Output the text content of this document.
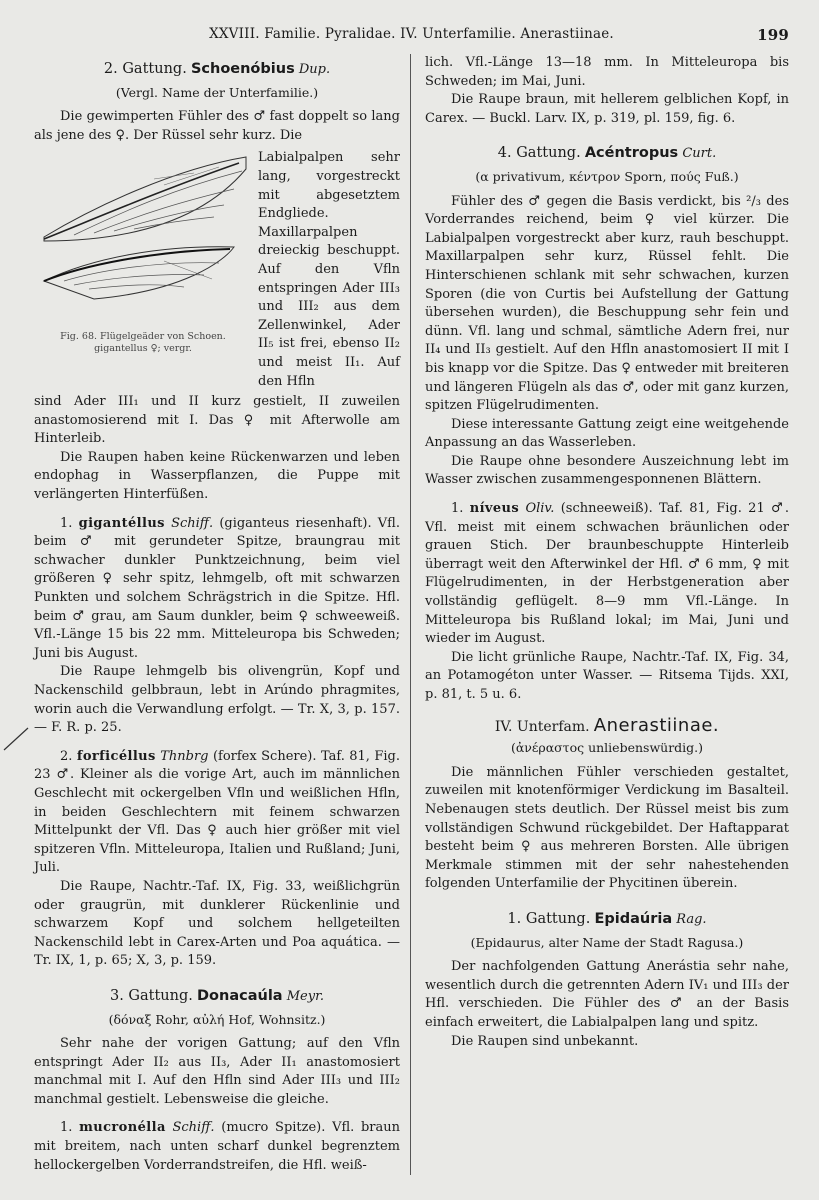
XXVIII. Familie. Pyralidae. IV. Unterfamilie. Anerastiinae.	199
2. Gattung. Schoenóbius Dup.
(Vergl. Name der Unterfamilie.)

Die gewimperten Fühler des ♂ fast doppelt so lang als jene des ♀. Der Rüssel sehr kurz. Die

Fig. 68. Flügelgeäder von Schoen.
gigantellus ♀; vergr.
Labialpalpen sehr lang, vorgestreckt mit abgesetztem Endgliede. Maxillarpalpen dreieckig beschuppt. Auf den Vfln entspringen Ader III₃ und III₂ aus dem Zellenwinkel, Ader II₅ ist frei, ebenso II₂ und meist II₁. Auf den Hfln

sind Ader III₁ und II kurz gestielt, II zuweilen anastomosierend mit I. Das ♀ mit Afterwolle am Hinterleib.

Die Raupen haben keine Rückenwarzen und leben endophag in Wasserpflanzen, die Puppe mit verlängerten Hinterfüßen.

1. gigantéllus Schiff. (giganteus riesenhaft). Vfl. beim ♂ mit gerundeter Spitze, braungrau mit schwacher dunkler Punktzeichnung, beim viel größeren ♀ sehr spitz, lehmgelb, oft mit schwarzen Punkten und solchem Schrägstrich in die Spitze. Hfl. beim ♂ grau, am Saum dunkler, beim ♀ schweeweiß. Vfl.-Länge 15 bis 22 mm. Mitteleuropa bis Schweden; Juni bis August.

Die Raupe lehmgelb bis olivengrün, Kopf und Nackenschild gelbbraun, lebt in Arúndo phragmites, worin auch die Verwandlung erfolgt. — Tr. X, 3, p. 157. — F. R. p. 25.

2. forficéllus Thnbrg (forfex Schere). Taf. 81, Fig. 23 ♂. Kleiner als die vorige Art, auch im männlichen Geschlecht mit ockergelben Vfln und weißlichen Hfln, in beiden Geschlechtern mit feinem schwarzen Mittelpunkt der Vfl. Das ♀ auch hier größer mit viel spitzeren Vfln. Mitteleuropa, Italien und Rußland; Juni, Juli.

Die Raupe, Nachtr.-Taf. IX, Fig. 33, weißlichgrün oder graugrün, mit dunklerer Rückenlinie und schwarzem Kopf und solchem hellgeteilten Nackenschild lebt in Carex-Arten und Poa aquática. — Tr. IX, 1, p. 65; X, 3, p. 159.

3. Gattung. Donacaúla Meyr.
(δόναξ Rohr, αὐλή Hof, Wohnsitz.)

Sehr nahe der vorigen Gattung; auf den Vfln entspringt Ader II₂ aus II₃, Ader II₁ anastomosiert manchmal mit I. Auf den Hfln sind Ader III₃ und III₂ manchmal gestielt. Lebensweise die gleiche.

1. mucronélla Schiff. (mucro Spitze). Vfl. braun mit breitem, nach unten scharf dunkel begrenztem hellockergelben Vorderrandstreifen, die Hfl. weiß-

lich. Vfl.-Länge 13—18 mm. In Mitteleuropa bis Schweden; im Mai, Juni.

Die Raupe braun, mit hellerem gelblichen Kopf, in Carex. — Buckl. Larv. IX, p. 319, pl. 159, fig. 6.

4. Gattung. Acéntropus Curt.
(α privativum, κέντρον Sporn, πούς Fuß.)

Fühler des ♂ gegen die Basis verdickt, bis ²/₃ des Vorderrandes reichend, beim ♀ viel kürzer. Die Labialpalpen vorgestreckt aber kurz, rauh beschuppt. Maxillarpalpen sehr kurz, Rüssel fehlt. Die Hinterschienen schlank mit sehr schwachen, kurzen Sporen (die von Curtis bei Aufstellung der Gattung übersehen wurden), die Beschuppung sehr fein und dünn. Vfl. lang und schmal, sämtliche Adern frei, nur II₄ und II₃ gestielt. Auf den Hfln anastomosiert II mit I bis knapp vor die Spitze. Das ♀ entweder mit breiteren und längeren Flügeln als das ♂, oder mit ganz kurzen, spitzen Flügelrudimenten.

Diese interessante Gattung zeigt eine weitgehende Anpassung an das Wasserleben.

Die Raupe ohne besondere Auszeichnung lebt im Wasser zwischen zusammengesponnenen Blättern.

1. níveus Oliv. (schneeweiß). Taf. 81, Fig. 21 ♂. Vfl. meist mit einem schwachen bräunlichen oder grauen Stich. Der braunbeschuppte Hinterleib überragt weit den Afterwinkel der Hfl. ♂ 6 mm, ♀ mit Flügelrudimenten, in der Herbstgeneration aber vollständig geflügelt. 8—9 mm Vfl.-Länge. In Mitteleuropa bis Rußland lokal; im Mai, Juni und wieder im August.

Die licht grünliche Raupe, Nachtr.-Taf. IX, Fig. 34, an Potamogéton unter Wasser. — Ritsema Tijds. XXI, p. 81, t. 5 u. 6.

IV. Unterfam. Anerastiinae.
(ἀνέραστος unliebenswürdig.)

Die männlichen Fühler verschieden gestaltet, zuweilen mit knotenförmiger Verdickung im Basalteil. Nebenaugen stets deutlich. Der Rüssel meist bis zum vollständigen Schwund rückgebildet. Der Haftapparat besteht beim ♀ aus mehreren Borsten. Alle übrigen Merkmale stimmen mit der sehr nahestehenden folgenden Unterfamilie der Phycitinen überein.

1. Gattung. Epidaúria Rag.
(Epidaurus, alter Name der Stadt Ragusa.)

Der nachfolgenden Gattung Anerástia sehr nahe, wesentlich durch die getrennten Adern IV₁ und III₃ der Hfl. verschieden. Die Fühler des ♂ an der Basis einfach erweitert, die Labialpalpen lang und spitz.

Die Raupen sind unbekannt.
